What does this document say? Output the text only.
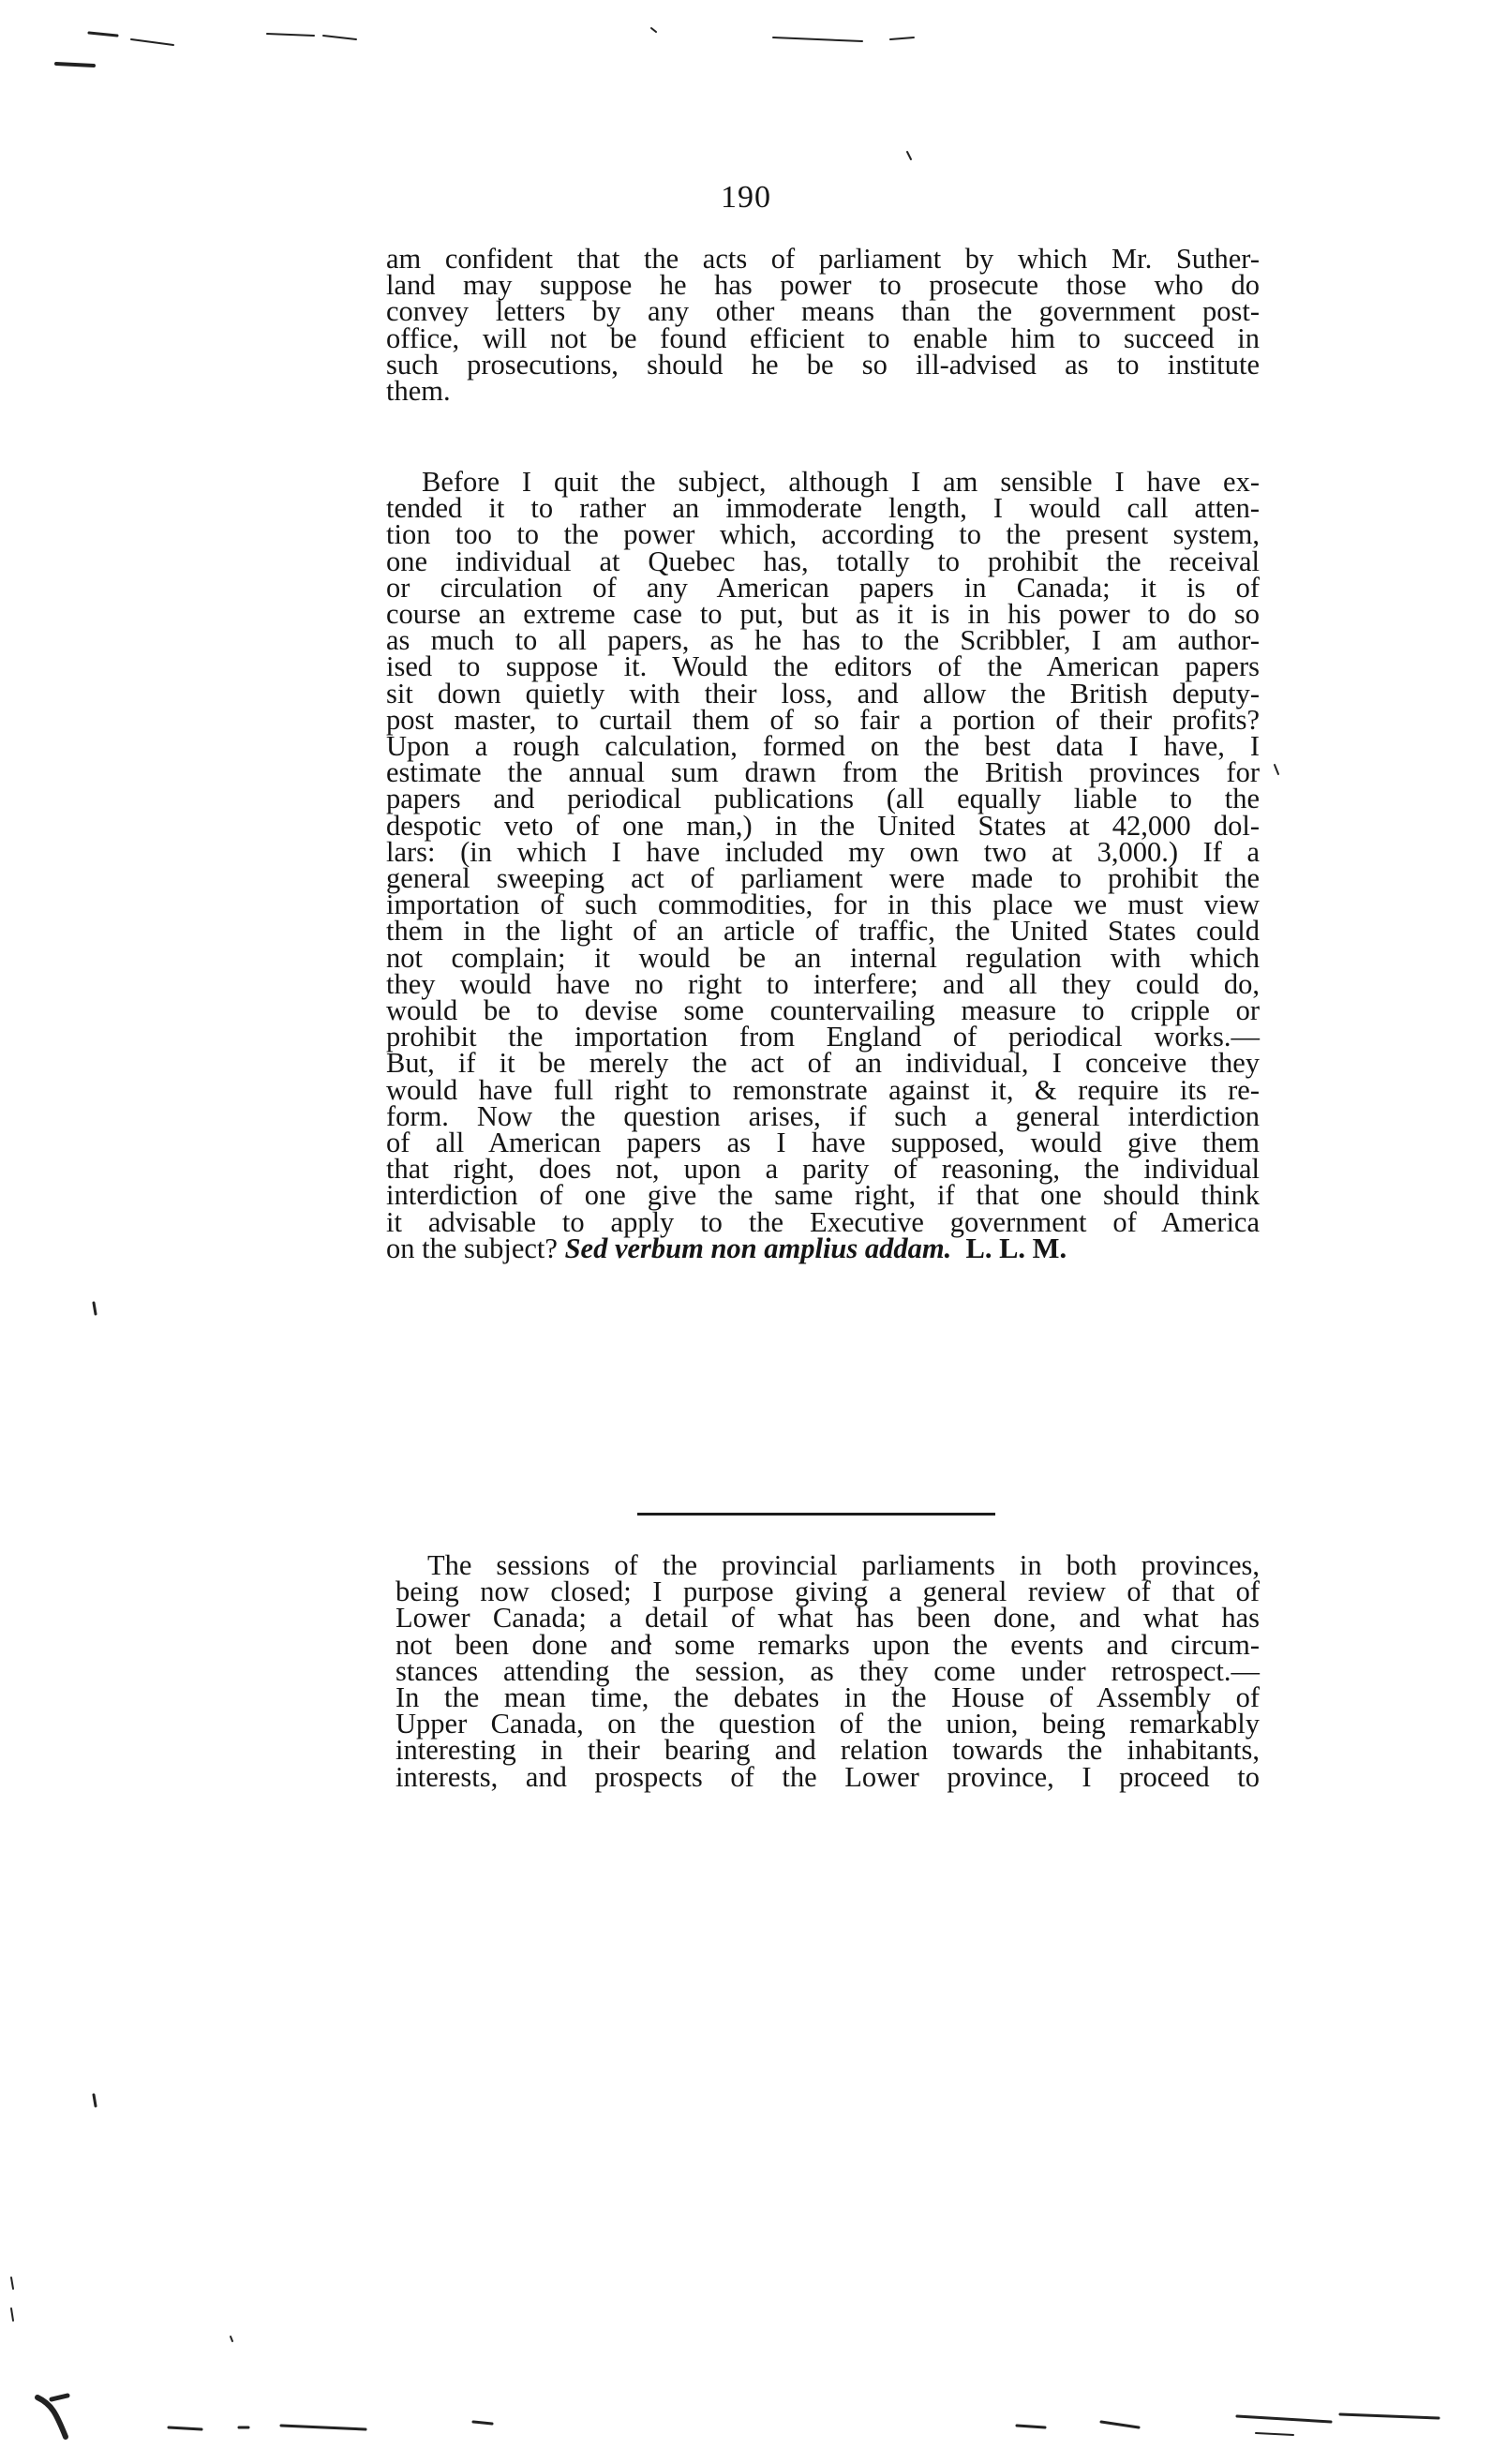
190
am confident that the acts of parliament by which Mr. Suther-
land may suppose he has power to prosecute those who do
convey letters by any other means than the government post-
office, will not be found efficient to enable him to succeed in
such prosecutions, should he be so ill-advised as to institute
them.
Before I quit the subject, although I am sensible I have ex-
tended it to rather an immoderate length, I would call atten-
tion too to the power which, according to the present system,
one individual at Quebec has, totally to prohibit the receival
or circulation of any American papers in Canada; it is of
course an extreme case to put, but as it is in his power to do so
as much to all papers, as he has to the Scribbler, I am author-
ised to suppose it. Would the editors of the American papers
sit down quietly with their loss, and allow the British deputy-
post master, to curtail them of so fair a portion of their profits?
Upon a rough calculation, formed on the best data I have, I
estimate the annual sum drawn from the British provinces for
papers and periodical publications (all equally liable to the
despotic veto of one man,) in the United States at 42,000 dol-
lars: (in which I have included my own two at 3,000.) If a
general sweeping act of parliament were made to prohibit the
importation of such commodities, for in this place we must view
them in the light of an article of traffic, the United States could
not complain; it would be an internal regulation with which
they would have no right to interfere; and all they could do,
would be to devise some countervailing measure to cripple or
prohibit the importation from England of periodical works.—
But, if it be merely the act of an individual, I conceive they
would have full right to remonstrate against it, & require its re-
form. Now the question arises, if such a general interdiction
of all American papers as I have supposed, would give them
that right, does not, upon a parity of reasoning, the individual
interdiction of one give the same right, if that one should think
it advisable to apply to the Executive government of America
on the subject? Sed verbum non amplius addam. L. L. M.
The sessions of the provincial parliaments in both provinces,
being now closed; I purpose giving a general review of that of
Lower Canada; a detail of what has been done, and what has
not been done and some remarks upon the events and circum-
stances attending the session, as they come under retrospect.—
In the mean time, the debates in the House of Assembly of
Upper Canada, on the question of the union, being remarkably
interesting in their bearing and relation towards the inhabitants,
interests, and prospects of the Lower province, I proceed to
